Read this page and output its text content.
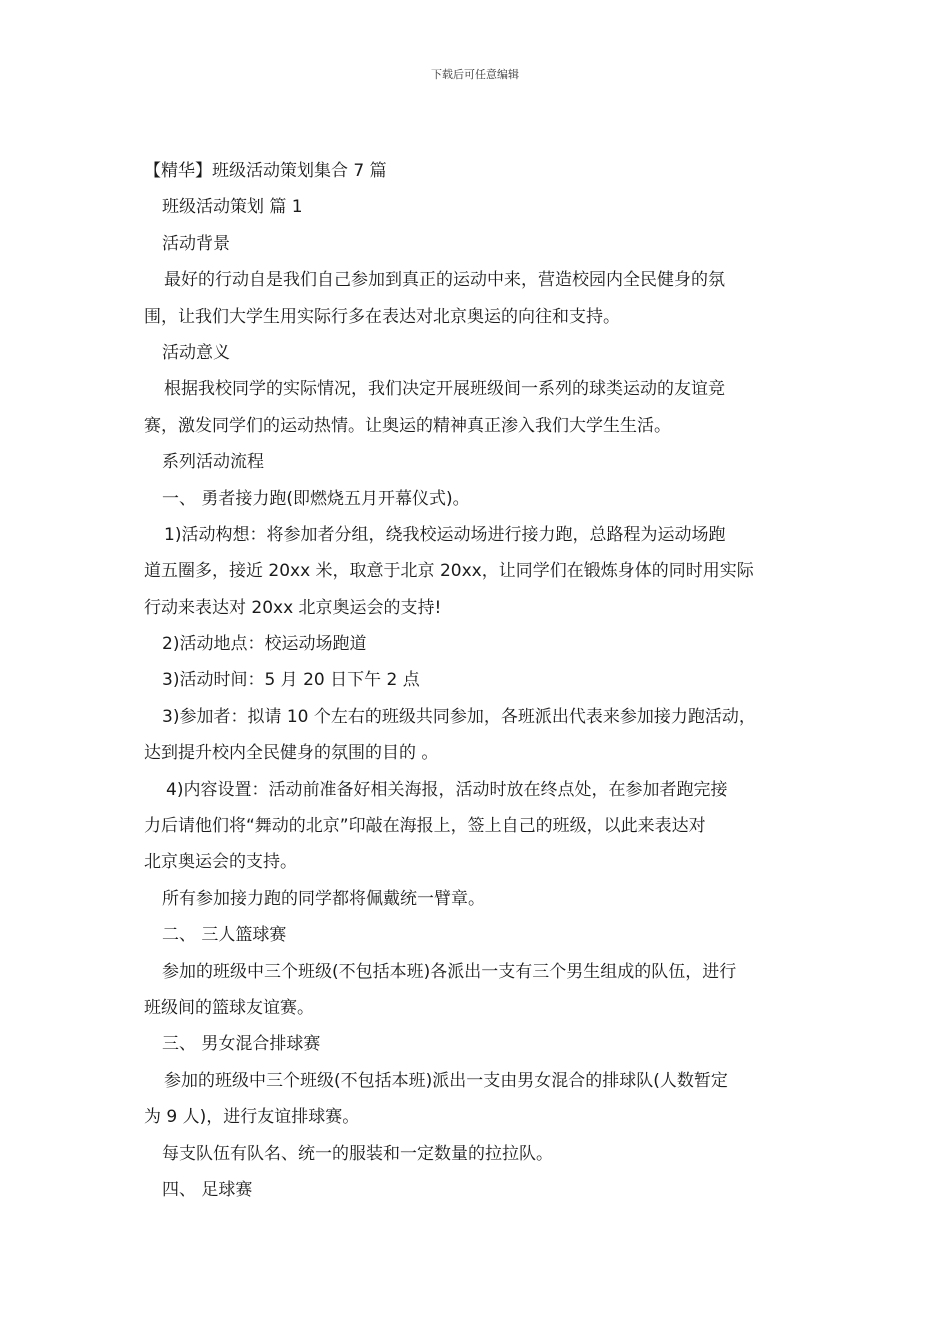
下载后可任意编辑
【精华】班级活动策划集合 7 篇
班级活动策划 篇 1
活动背景
最好的行动自是我们自己参加到真正的运动中来，营造校园内全民健身的氛
围，让我们大学生用实际行多在表达对北京奥运的向往和支持。
活动意义
根据我校同学的实际情况，我们决定开展班级间一系列的球类运动的友谊竞
赛，激发同学们的运动热情。让奥运的精神真正渗入我们大学生生活。
系列活动流程
一、 勇者接力跑(即燃烧五月开幕仪式)。
1)活动构想：将参加者分组，绕我校运动场进行接力跑，总路程为运动场跑
道五圈多，接近 20xx 米，取意于北京 20xx，让同学们在锻炼身体的同时用实际
行动来表达对 20xx 北京奥运会的支持!
2)活动地点：校运动场跑道
3)活动时间：5 月 20 日下午 2 点
3)参加者：拟请 10 个左右的班级共同参加，各班派出代表来参加接力跑活动，
达到提升校内全民健身的氛围的目的 。
4)内容设置：活动前准备好相关海报，活动时放在终点处，在参加者跑完接
力后请他们将“舞动的北京”印敲在海报上，签上自己的班级，以此来表达对
北京奥运会的支持。
所有参加接力跑的同学都将佩戴统一臂章。
二、 三人篮球赛
参加的班级中三个班级(不包括本班)各派出一支有三个男生组成的队伍，进行
班级间的篮球友谊赛。
三、 男女混合排球赛
参加的班级中三个班级(不包括本班)派出一支由男女混合的排球队(人数暂定
为 9 人)，进行友谊排球赛。
每支队伍有队名、统一的服装和一定数量的拉拉队。
四、 足球赛
